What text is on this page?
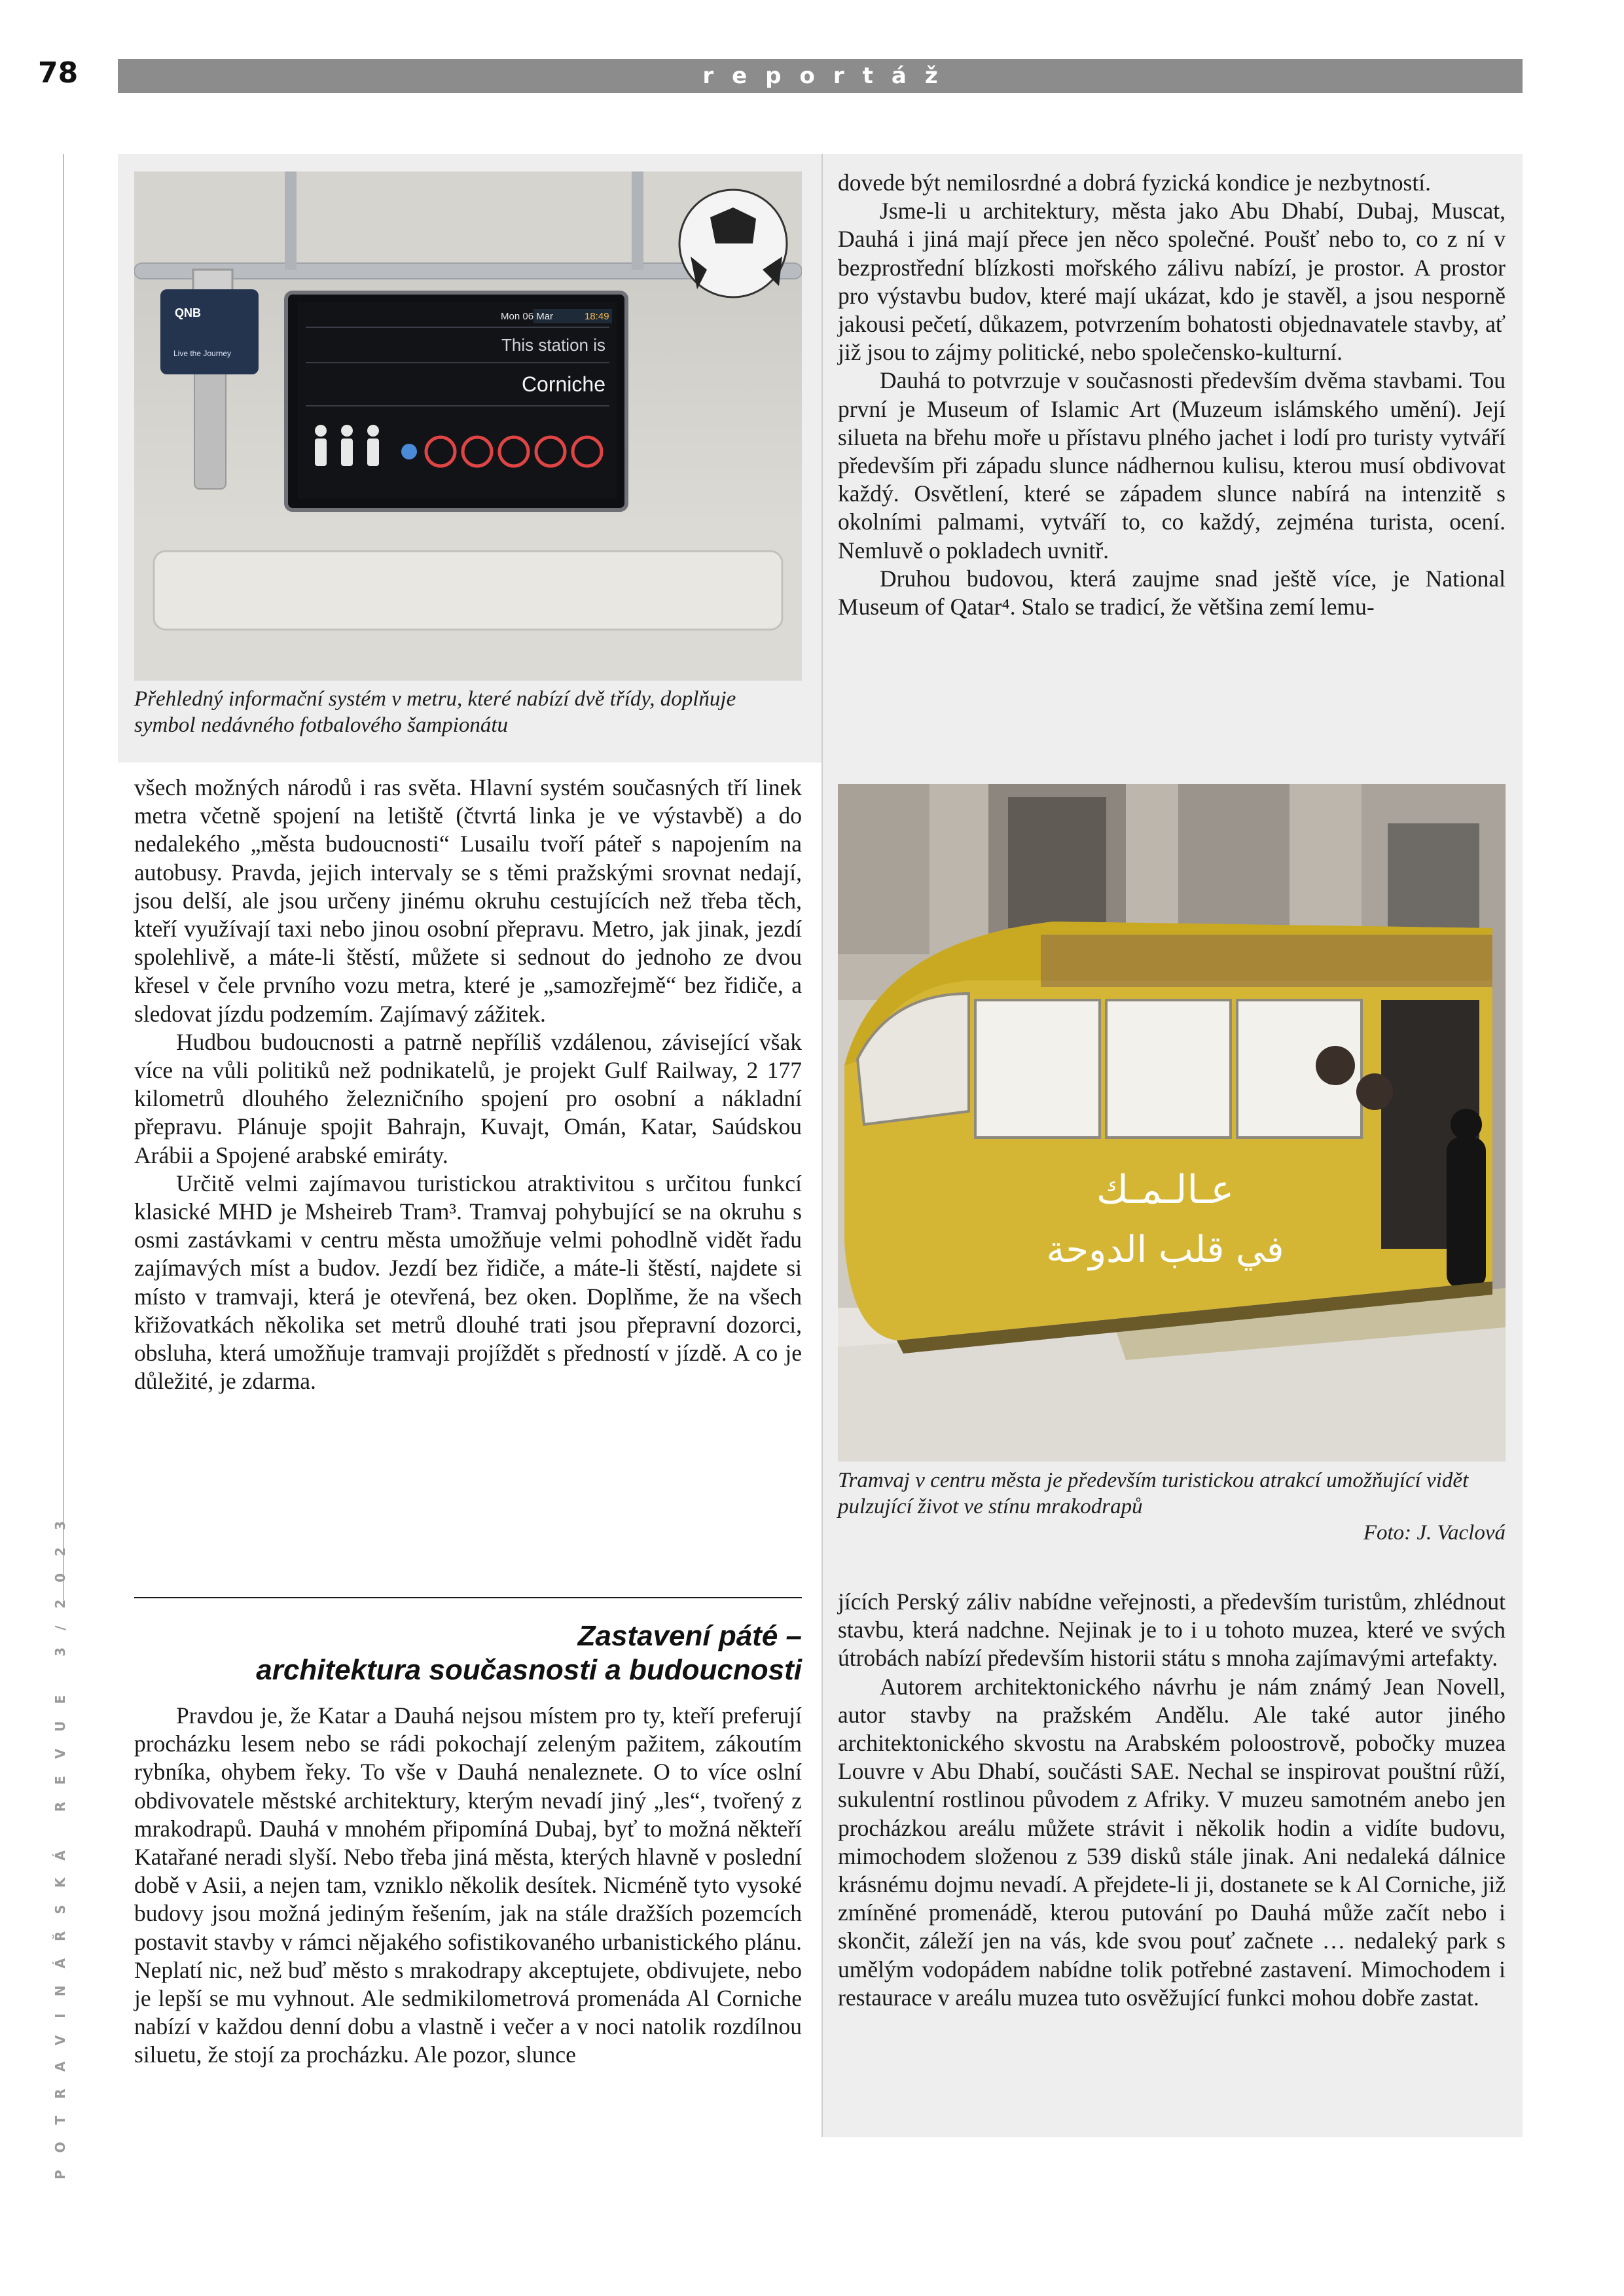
78	reportáž
POTRAVINÁŘSKÁ REVUE 3/2023
QNB
Live the Journey
Mon 06 Mar	18:49
This station is
Corniche

Přehledný informační systém v metru, které nabízí dvě třídy, doplňuje symbol nedávného fotbalového šampionátu

عـالـمـك
في قلب الدوحة

Tramvaj v centru města je především turistickou atrakcí umožňující vidět pulzující život ve stínu mrakodrapů

Foto: J. Vaclová

všech možných národů i ras světa. Hlavní systém současných tří linek metra včetně spojení na letiště (čtvrtá linka je ve výstavbě) a do nedalekého „města budoucnosti“ Lusailu tvoří páteř s napojením na autobusy. Pravda, jejich intervaly se s těmi pražskými srovnat nedají, jsou delší, ale jsou určeny jinému okruhu cestujících než třeba těch, kteří využívají taxi nebo jinou osobní přepravu. Metro, jak jinak, jezdí spolehlivě, a máte-li štěstí, můžete si sednout do jednoho ze dvou křesel v čele prvního vozu metra, které je „samozřejmě“ bez řidiče, a sledovat jízdu podzemím. Zajímavý zážitek.

Hudbou budoucnosti a patrně nepříliš vzdálenou, závisející však více na vůli politiků než podnikatelů, je projekt Gulf Railway, 2 177 kilometrů dlouhého železničního spojení pro osobní a nákladní přepravu. Plánuje spojit Bahrajn, Kuvajt, Omán, Katar, Saúdskou Arábii a Spojené arabské emiráty.

Určitě velmi zajímavou turistickou atraktivitou s určitou funkcí klasické MHD je Msheireb Tram³. Tramvaj pohybující se na okruhu s osmi zastávkami v centru města umožňuje velmi pohodlně vidět řadu zajímavých míst a budov. Jezdí bez řidiče, a máte-li štěstí, najdete si místo v tramvaji, která je otevřená, bez oken. Doplňme, že na všech křižovatkách několika set metrů dlouhé trati jsou přepravní dozorci, obsluha, která umožňuje tramvaji projíždět s předností v jízdě. A co je důležité, je zdarma.

Zastavení páté –
architektura současnosti a budoucnosti

Pravdou je, že Katar a Dauhá nejsou místem pro ty, kteří preferují procházku lesem nebo se rádi pokochají zeleným pažitem, zákoutím rybníka, ohybem řeky. To vše v Dauhá nenaleznete. O to více oslní obdivovatele městské architektury, kterým nevadí jiný „les“, tvořený z mrakodrapů. Dauhá v mnohém připomíná Dubaj, byť to možná někteří Katařané neradi slyší. Nebo třeba jiná města, kterých hlavně v poslední době v Asii, a nejen tam, vzniklo několik desítek. Nicméně tyto vysoké budovy jsou možná jediným řešením, jak na stále dražších pozemcích postavit stavby v rámci nějakého sofistikovaného urbanistického plánu. Neplatí nic, než buď město s mrakodrapy akceptujete, obdivujete, nebo je lepší se mu vyhnout. Ale sedmikilometrová promenáda Al Corniche nabízí v každou denní dobu a vlastně i večer a v noci natolik rozdílnou siluetu, že stojí za procházku. Ale pozor, slunce

dovede být nemilosrdné a dobrá fyzická kondice je nezbytností.

Jsme-li u architektury, města jako Abu Dhabí, Dubaj, Muscat, Dauhá i jiná mají přece jen něco společné. Poušť nebo to, co z ní v bezprostřední blízkosti mořského zálivu nabízí, je prostor. A prostor pro výstavbu budov, které mají ukázat, kdo je stavěl, a jsou nesporně jakousi pečetí, důkazem, potvrzením bohatosti objednavatele stavby, ať již jsou to zájmy politické, nebo společensko-kulturní.

Dauhá to potvrzuje v současnosti především dvěma stavbami. Tou první je Museum of Islamic Art (Muzeum islámského umění). Její silueta na břehu moře u přístavu plného jachet i lodí pro turisty vytváří především při západu slunce nádhernou kulisu, kterou musí obdivovat každý. Osvětlení, které se západem slunce nabírá na intenzitě s okolními palmami, vytváří to, co každý, zejména turista, ocení. Nemluvě o pokladech uvnitř.

Druhou budovou, která zaujme snad ještě více, je National Museum of Qatar⁴. Stalo se tradicí, že většina zemí lemu-

jících Perský záliv nabídne veřejnosti, a především turistům, zhlédnout stavbu, která nadchne. Nejinak je to i u tohoto muzea, které ve svých útrobách nabízí především historii státu s mnoha zajímavými artefakty.

Autorem architektonického návrhu je nám známý Jean Novell, autor stavby na pražském Andělu. Ale také autor jiného architektonického skvostu na Arabském poloostrově, pobočky muzea Louvre v Abu Dhabí, součásti SAE. Nechal se inspirovat pouštní růží, sukulentní rostlinou původem z Afriky. V muzeu samotném anebo jen procházkou areálu můžete strávit i několik hodin a vidíte budovu, mimochodem složenou z 539 disků stále jinak. Ani nedaleká dálnice krásnému dojmu nevadí. A přejdete-li ji, dostanete se k Al Corniche, již zmíněné promenádě, kterou putování po Dauhá může začít nebo i skončit, záleží jen na vás, kde svou pouť začnete … nedaleký park s umělým vodopádem nabídne tolik potřebné zastavení. Mimochodem i restaurace v areálu muzea tuto osvěžující funkci mohou dobře zastat.
